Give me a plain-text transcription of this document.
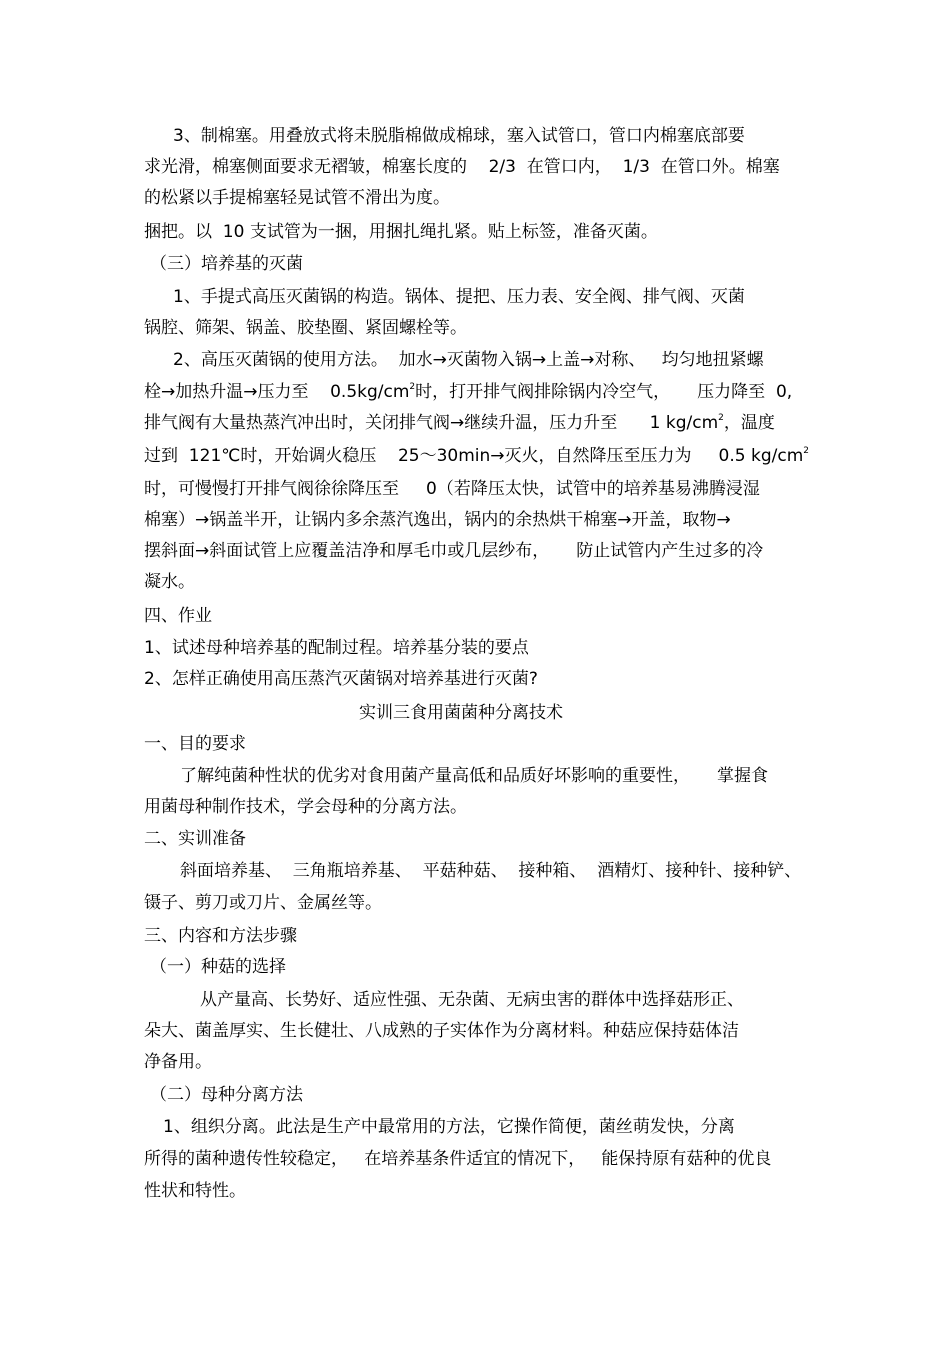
3、制棉塞。用叠放式将未脱脂棉做成棉球，塞入试管口，管口内棉塞底部要
求光滑，棉塞侧面要求无褶皱，棉塞长度的    2/3  在管口内，  1/3  在管口外。棉塞
的松紧以手提棉塞轻晃试管不滑出为度。
捆把。以  10 支试管为一捆，用捆扎绳扎紧。贴上标签，准备灭菌。
（三）培养基的灭菌
1、手提式高压灭菌锅的构造。锅体、提把、压力表、安全阀、排气阀、灭菌
锅腔、筛架、锅盖、胶垫圈、紧固螺栓等。
2、高压灭菌锅的使用方法。  加水→灭菌物入锅→上盖→对称、   均匀地扭紧螺
栓→加热升温→压力至    $0.5kg/cm^2$时，打开排气阀排除锅内冷空气，     压力降至  0,
排气阀有大量热蒸汽冲出时，关闭排气阀→继续升温，压力升至      1 $kg/cm^2$，温度
过到  121℃时，开始调火稳压    25～30min→灭火，自然降压至压力为     0.5 $kg/cm^2$
时，可慢慢打开排气阀徐徐降压至     0（若降压太快，试管中的培养基易沸腾浸湿
棉塞）→锅盖半开，让锅内多余蒸汽逸出，锅内的余热烘干棉塞→开盖，取物→
摆斜面→斜面试管上应覆盖洁净和厚毛巾或几层纱布，     防止试管内产生过多的冷
凝水。
四、作业
1、试述母种培养基的配制过程。培养基分装的要点
2、怎样正确使用高压蒸汽灭菌锅对培养基进行灭菌?
实训三食用菌菌种分离技术
一、目的要求
了解纯菌种性状的优劣对食用菌产量高低和品质好坏影响的重要性，     掌握食
用菌母种制作技术，学会母种的分离方法。
二、实训准备
斜面培养基、  三角瓶培养基、  平菇种菇、  接种箱、  酒精灯、接种针、接种铲、
镊子、剪刀或刀片、金属丝等。
三、内容和方法步骤
（一）种菇的选择
从产量高、长势好、适应性强、无杂菌、无病虫害的群体中选择菇形正、
朵大、菌盖厚实、生长健壮、八成熟的子实体作为分离材料。种菇应保持菇体洁
净备用。
（二）母种分离方法
1、组织分离。此法是生产中最常用的方法，它操作简便，菌丝萌发快，分离
所得的菌种遗传性较稳定，   在培养基条件适宜的情况下，   能保持原有菇种的优良
性状和特性。
